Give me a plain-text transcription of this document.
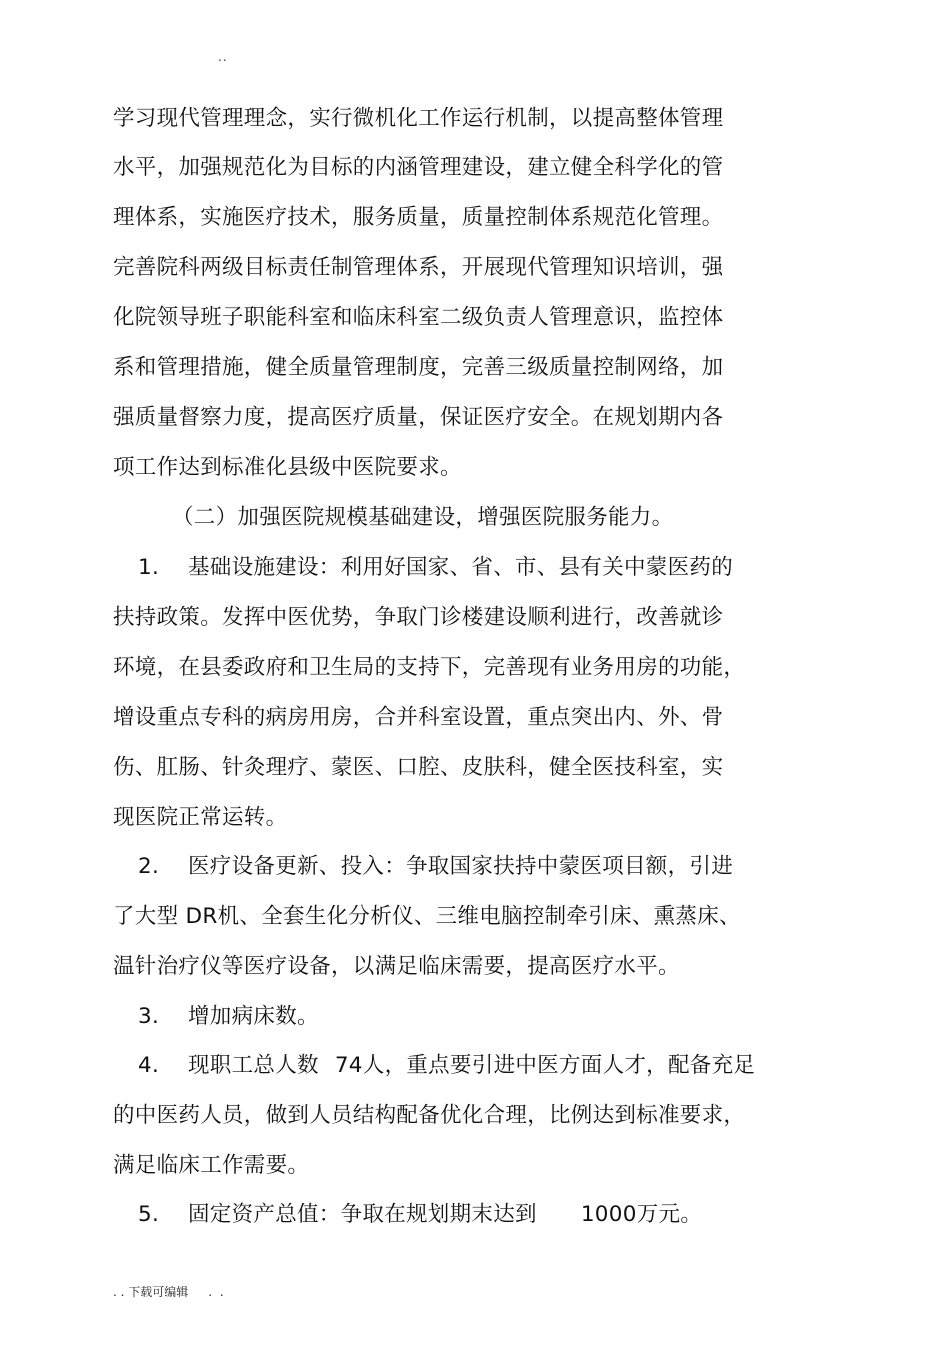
..
学习现代管理理念，实行微机化工作运行机制，以提高整体管理
水平，加强规范化为目标的内涵管理建设，建立健全科学化的管
理体系，实施医疗技术，服务质量，质量控制体系规范化管理。
完善院科两级目标责任制管理体系，开展现代管理知识培训，强
化院领导班子职能科室和临床科室二级负责人管理意识，监控体
系和管理措施，健全质量管理制度，完善三级质量控制网络，加
强质量督察力度，提高医疗质量，保证医疗安全。在规划期内各
项工作达到标准化县级中医院要求。
（二）加强医院规模基础建设，增强医院服务能力。
1. 基础设施建设：利用好国家、省、市、县有关中蒙医药的
扶持政策。发挥中医优势，争取门诊楼建设顺利进行，改善就诊
环境，在县委政府和卫生局的支持下，完善现有业务用房的功能，
增设重点专科的病房用房，合并科室设置，重点突出内、外、骨
伤、肛肠、针灸理疗、蒙医、口腔、皮肤科，健全医技科室，实
现医院正常运转。
2. 医疗设备更新、投入：争取国家扶持中蒙医项目额，引进
了大型 DR机、全套生化分析仪、三维电脑控制牵引床、熏蒸床、
温针治疗仪等医疗设备，以满足临床需要，提高医疗水平。
3. 增加病床数。
4. 现职工总人数 74人，重点要引进中医方面人才，配备充足
的中医药人员，做到人员结构配备优化合理，比例达到标准要求，
满足临床工作需要。
5. 固定资产总值：争取在规划期末达到 1000万元。
. . 下载可编辑 . .
